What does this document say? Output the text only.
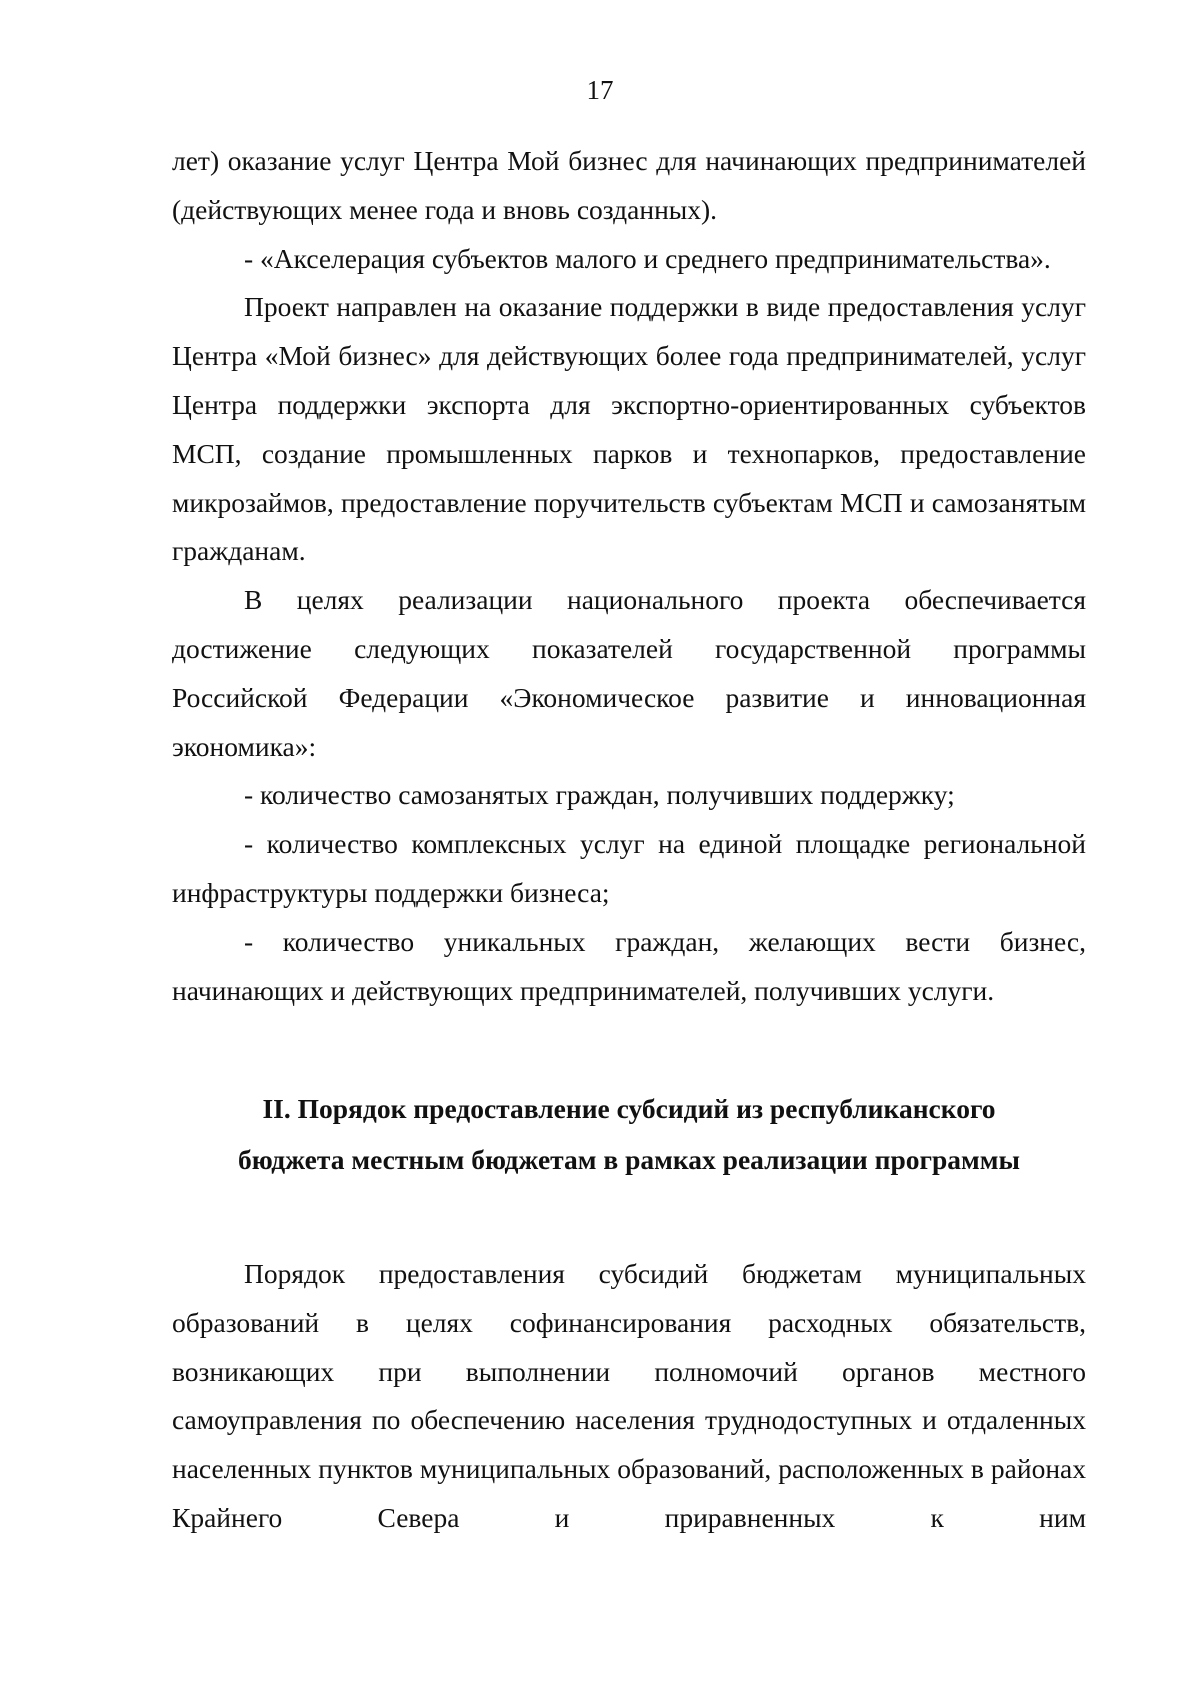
17

лет) оказание услуг Центра Мой бизнес для начинающих предпринимателей (действующих менее года и вновь созданных).

- «Акселерация субъектов малого и среднего предпринимательства».

Проект направлен на оказание поддержки в виде предоставления услуг Центра «Мой бизнес» для действующих более года предпринимателей, услуг Центра поддержки экспорта для экспортно-ориентированных субъектов МСП, создание промышленных парков и технопарков, предоставление микрозаймов, предоставление поручительств субъектам МСП и самозанятым гражданам.

В целях реализации национального проекта обеспечивается достижение следующих показателей государственной программы Российской Федерации «Экономическое развитие и инновационная экономика»:

- количество самозанятых граждан, получивших поддержку;

- количество комплексных услуг на единой площадке региональной инфраструктуры поддержки бизнеса;

- количество уникальных граждан, желающих вести бизнес, начинающих и действующих предпринимателей, получивших услуги.

II. Порядок предоставление субсидий из республиканского
бюджета местным бюджетам в рамках реализации программы

Порядок предоставления субсидий бюджетам муниципальных образований в целях софинансирования расходных обязательств, возникающих при выполнении полномочий органов местного самоуправления по обеспечению населения труднодоступных и отдаленных населенных пунктов муниципальных образований, расположенных в районах Крайнего Севера и приравненных к ним
